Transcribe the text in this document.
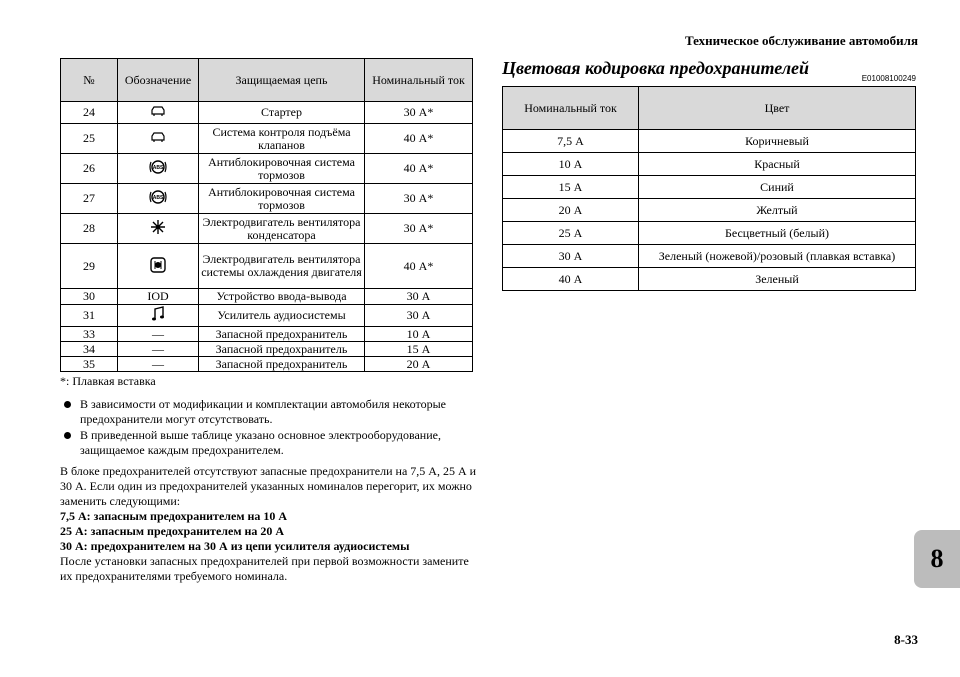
Техническое обслуживание автомобиля
№	Обозначение	Защищаемая цепь	Номинальный ток
24		Стартер	30 А*
25		Система контроля подъёма клапанов	40 А*
26	ABS	Антиблокировочная система тормозов	40 А*
27	ABS	Антиблокировочная система тормозов	30 А*
28		Электродвигатель вентилятора конденсатора	30 А*
29		Электродвигатель вентилятора системы охлаждения двигателя	40 А*
30	IOD	Устройство ввода-вывода	30 А
31		Усилитель аудиосистемы	30 А
33	—	Запасной предохранитель	10 А
34	—	Запасной предохранитель	15 А
35	—	Запасной предохранитель	20 А
*: Плавкая вставка
В зависимости от модификации и комплектации автомобиля некоторые предохранители могут отсутствовать.
В приведенной выше таблице указано основное электрооборудование, защищаемое каждым предохранителем.
В блоке предохранителей отсутствуют запасные предохранители на 7,5 А, 25 А и 30 А. Если один из предохранителей указанных номиналов перегорит, их можно заменить следующими:
7,5 А: запасным предохранителем на 10 А
25 А: запасным предохранителем на 20 А
30 А: предохранителем на 30 А из цепи усилителя аудиосистемы
После установки запасных предохранителей при первой возможности замените их предохранителями требуемого номинала.
Цветовая кодировка предохранителей
E01008100249
Номинальный ток	Цвет
7,5 А	Коричневый
10 А	Красный
15 А	Синий
20 А	Желтый
25 А	Бесцветный (белый)
30 А	Зеленый (ножевой)/розовый (плавкая вставка)
40 А	Зеленый
8
8-33
